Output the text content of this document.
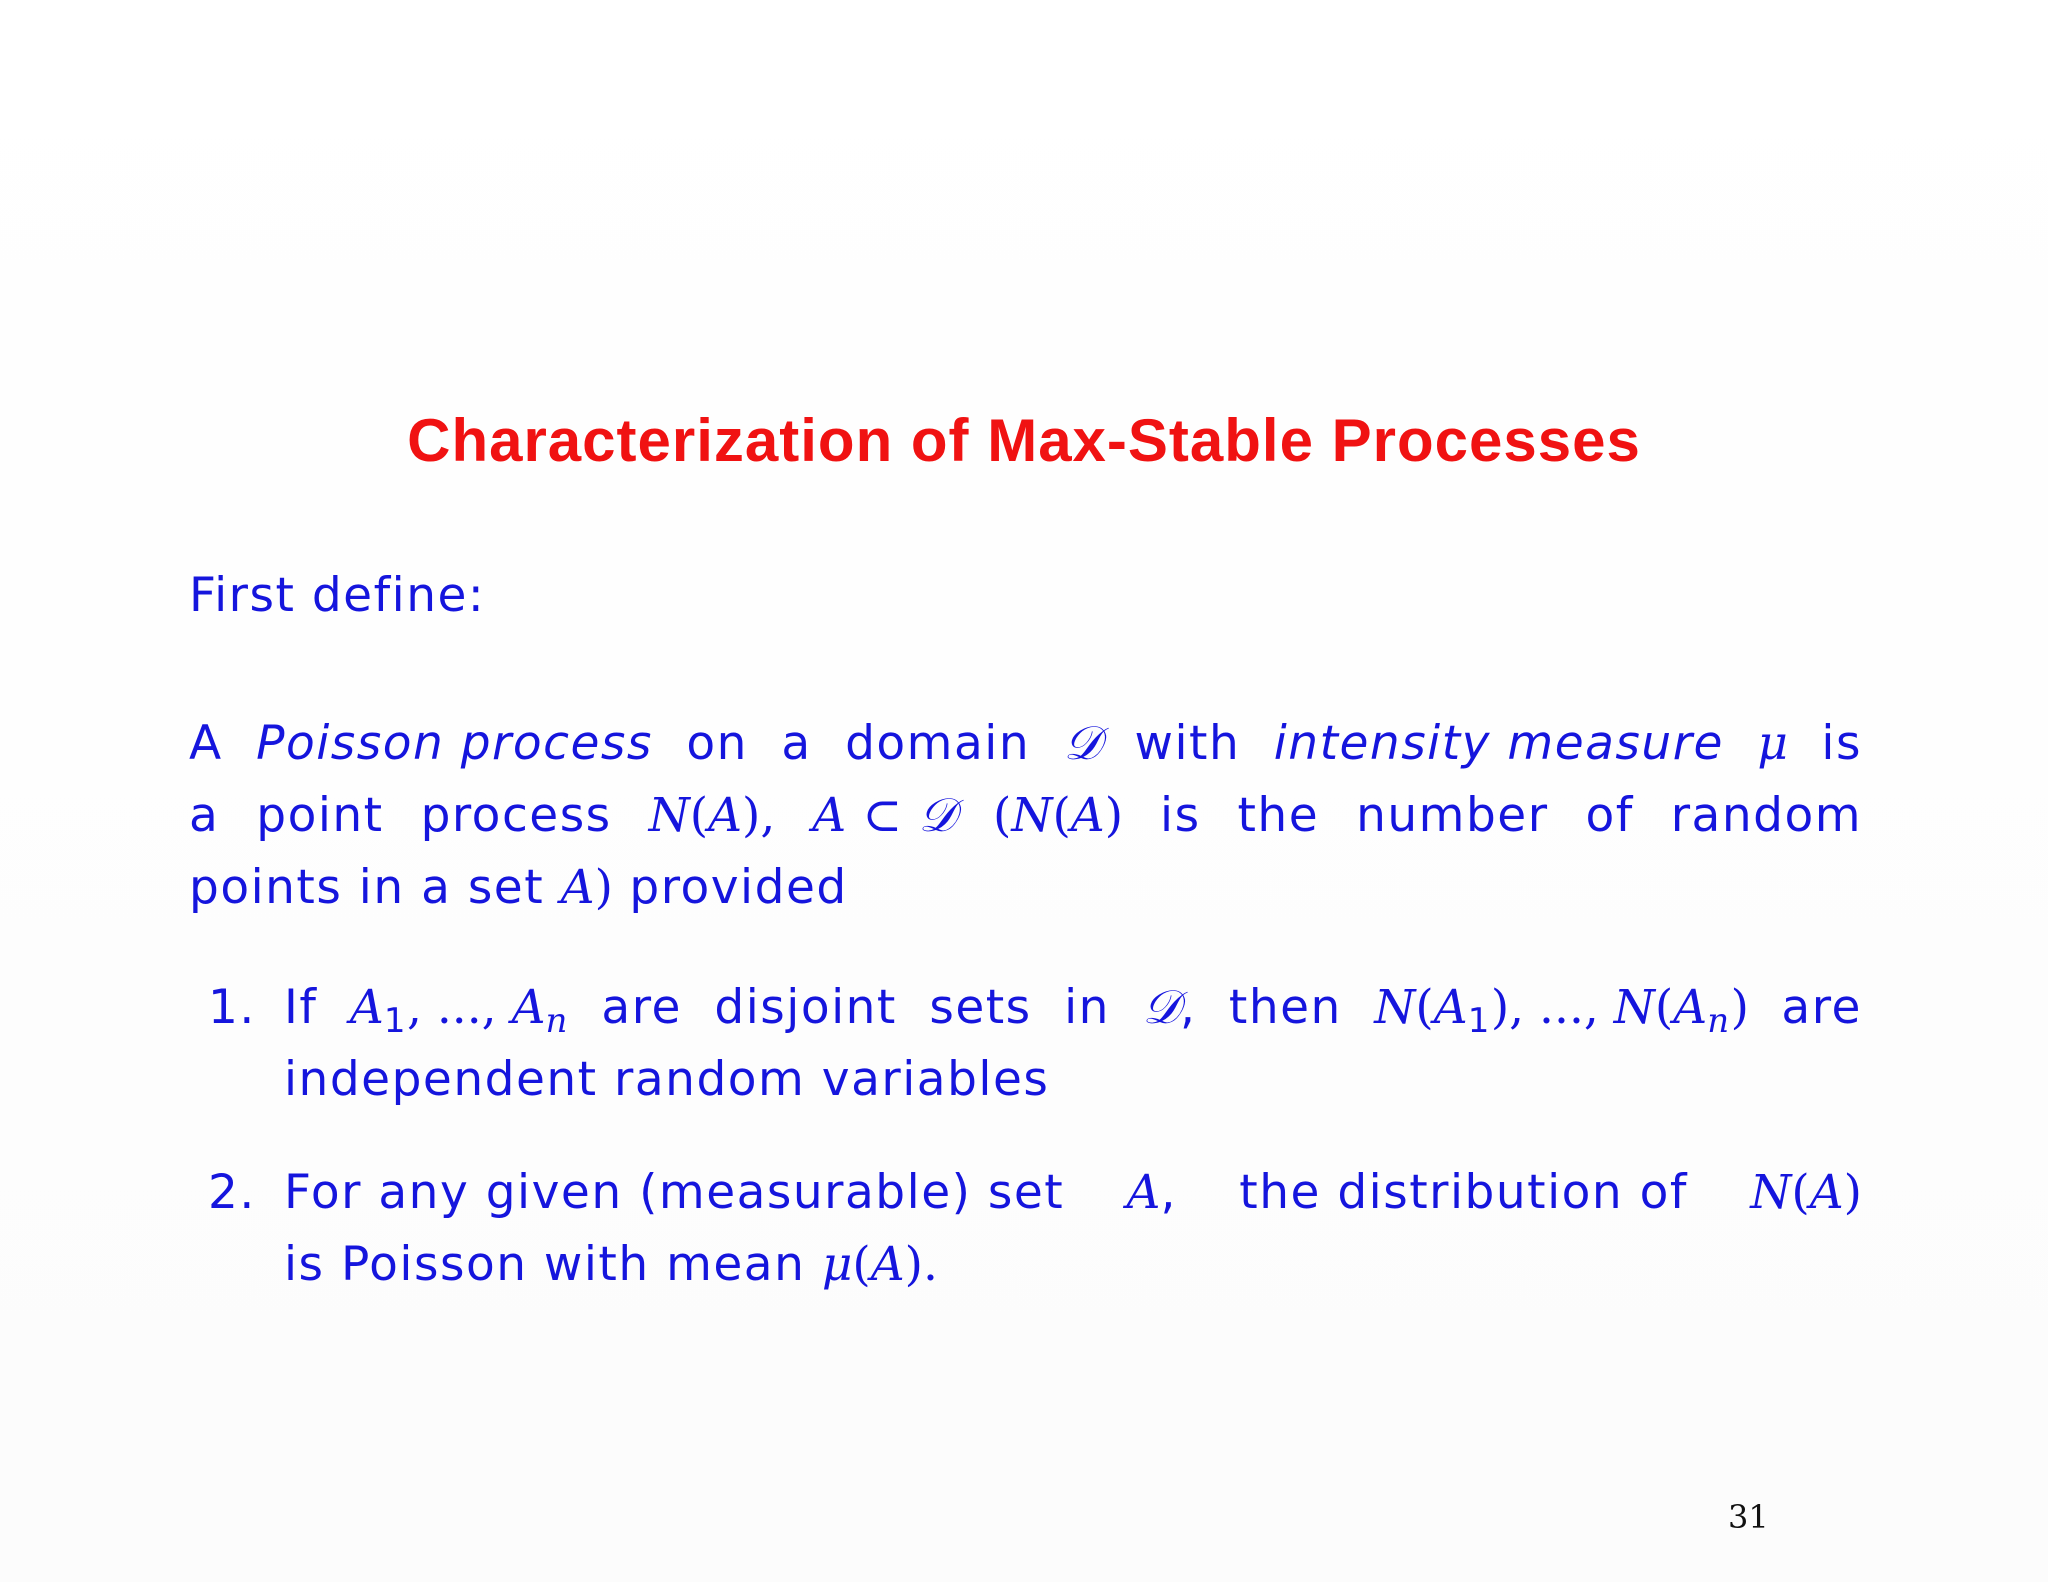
Characterization of Max-Stable Processes
First define:
A Poisson process on a domain 𝒟 with intensity measure μ is
a point process N(A), A ⊂ 𝒟 (N(A) is the number of random
points in a set A) provided
1. If $A_1$, ..., An are disjoint sets in 𝒟, then $N(A_1)$, ..., N(An) are
independent random variables
2. For any given (measurable) set A, the distribution of N(A)
is Poisson with mean μ(A).
31
